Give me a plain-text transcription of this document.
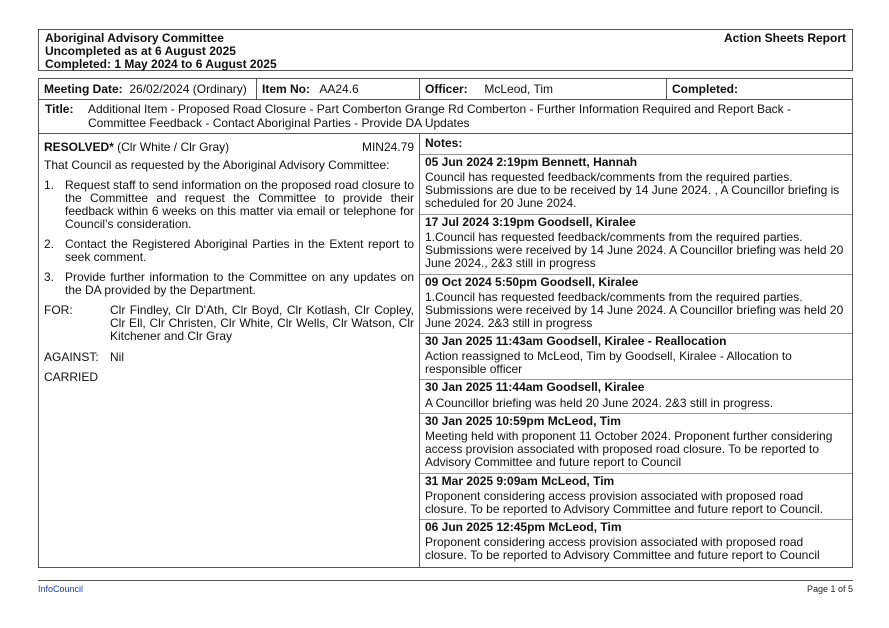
Aboriginal Advisory Committee
Uncompleted as at 6 August 2025
Completed: 1 May 2024 to 6 August 2025
Action Sheets Report
Meeting Date: 26/02/2024 (Ordinary)	Item No: AA24.6	Officer: McLeod, Tim	Completed:
Title: Additional Item - Proposed Road Closure - Part Comberton Grange Rd Comberton - Further Information Required and Report Back - Committee Feedback - Contact Aboriginal Parties - Provide DA Updates
RESOLVED* (Clr White / Clr Gray)	MIN24.79
That Council as requested by the Aboriginal Advisory Committee:
1. Request staff to send information on the proposed road closure to the Committee and request the Committee to provide their feedback within 6 weeks on this matter via email or telephone for Council’s consideration.
2. Contact the Registered Aboriginal Parties in the Extent report to seek comment.
3. Provide further information to the Committee on any updates on the DA provided by the Department.
FOR:	Clr Findley, Clr D'Ath, Clr Boyd, Clr Kotlash, Clr Copley, Clr Ell, Clr Christen, Clr White, Clr Wells, Clr Watson, Clr Kitchener and Clr Gray
AGAINST: Nil
CARRIED
Notes:
05 Jun 2024 2:19pm Bennett, Hannah
Council has requested feedback/comments from the required parties. Submissions are due to be received by 14 June 2024. , A Councillor briefing is scheduled for 20 June 2024.
17 Jul 2024 3:19pm Goodsell, Kiralee
1.Council has requested feedback/comments from the required parties. Submissions were received by 14 June 2024. A Councillor briefing was held 20 June 2024., 2&3 still in progress
09 Oct 2024 5:50pm Goodsell, Kiralee
1.Council has requested feedback/comments from the required parties. Submissions were received by 14 June 2024. A Councillor briefing was held 20 June 2024. 2&3 still in progress
30 Jan 2025 11:43am Goodsell, Kiralee - Reallocation
Action reassigned to McLeod, Tim by Goodsell, Kiralee - Allocation to responsible officer
30 Jan 2025 11:44am Goodsell, Kiralee
A Councillor briefing was held 20 June 2024. 2&3 still in progress.
30 Jan 2025 10:59pm McLeod, Tim
Meeting held with proponent 11 October 2024. Proponent further considering access provision associated with proposed road closure. To be reported to Advisory Committee and future report to Council
31 Mar 2025 9:09am McLeod, Tim
Proponent considering access provision associated with proposed road closure. To be reported to Advisory Committee and future report to Council.
06 Jun 2025 12:45pm McLeod, Tim
Proponent considering access provision associated with proposed road closure. To be reported to Advisory Committee and future report to Council
InfoCouncil	Page 1 of 5
